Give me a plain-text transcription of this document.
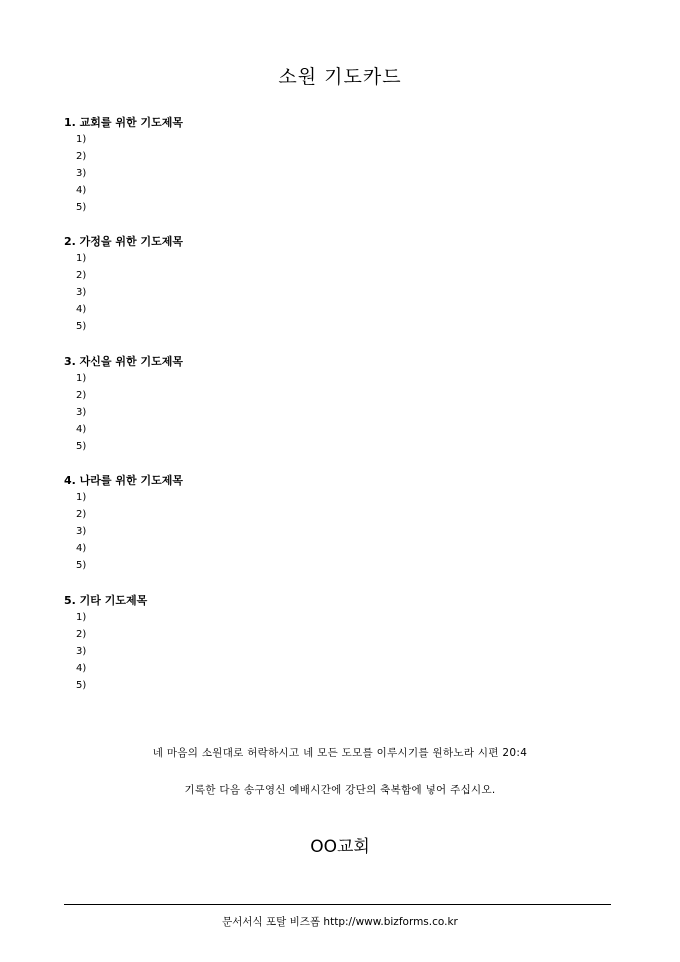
소원 기도카드
1. 교회를 위한 기도제목
1)
2)
3)
4)
5)
2. 가정을 위한 기도제목
1)
2)
3)
4)
5)
3. 자신을 위한 기도제목
1)
2)
3)
4)
5)
4. 나라를 위한 기도제목
1)
2)
3)
4)
5)
5. 기타 기도제목
1)
2)
3)
4)
5)
네 마음의 소원대로 허락하시고 네 모든 도모를 이루시기를 원하노라 시편 20:4
기록한 다음 송구영신 예배시간에 강단의 축복함에 넣어 주십시오.
OO교회
문서서식 포탈 비즈폼 http://www.bizforms.co.kr
